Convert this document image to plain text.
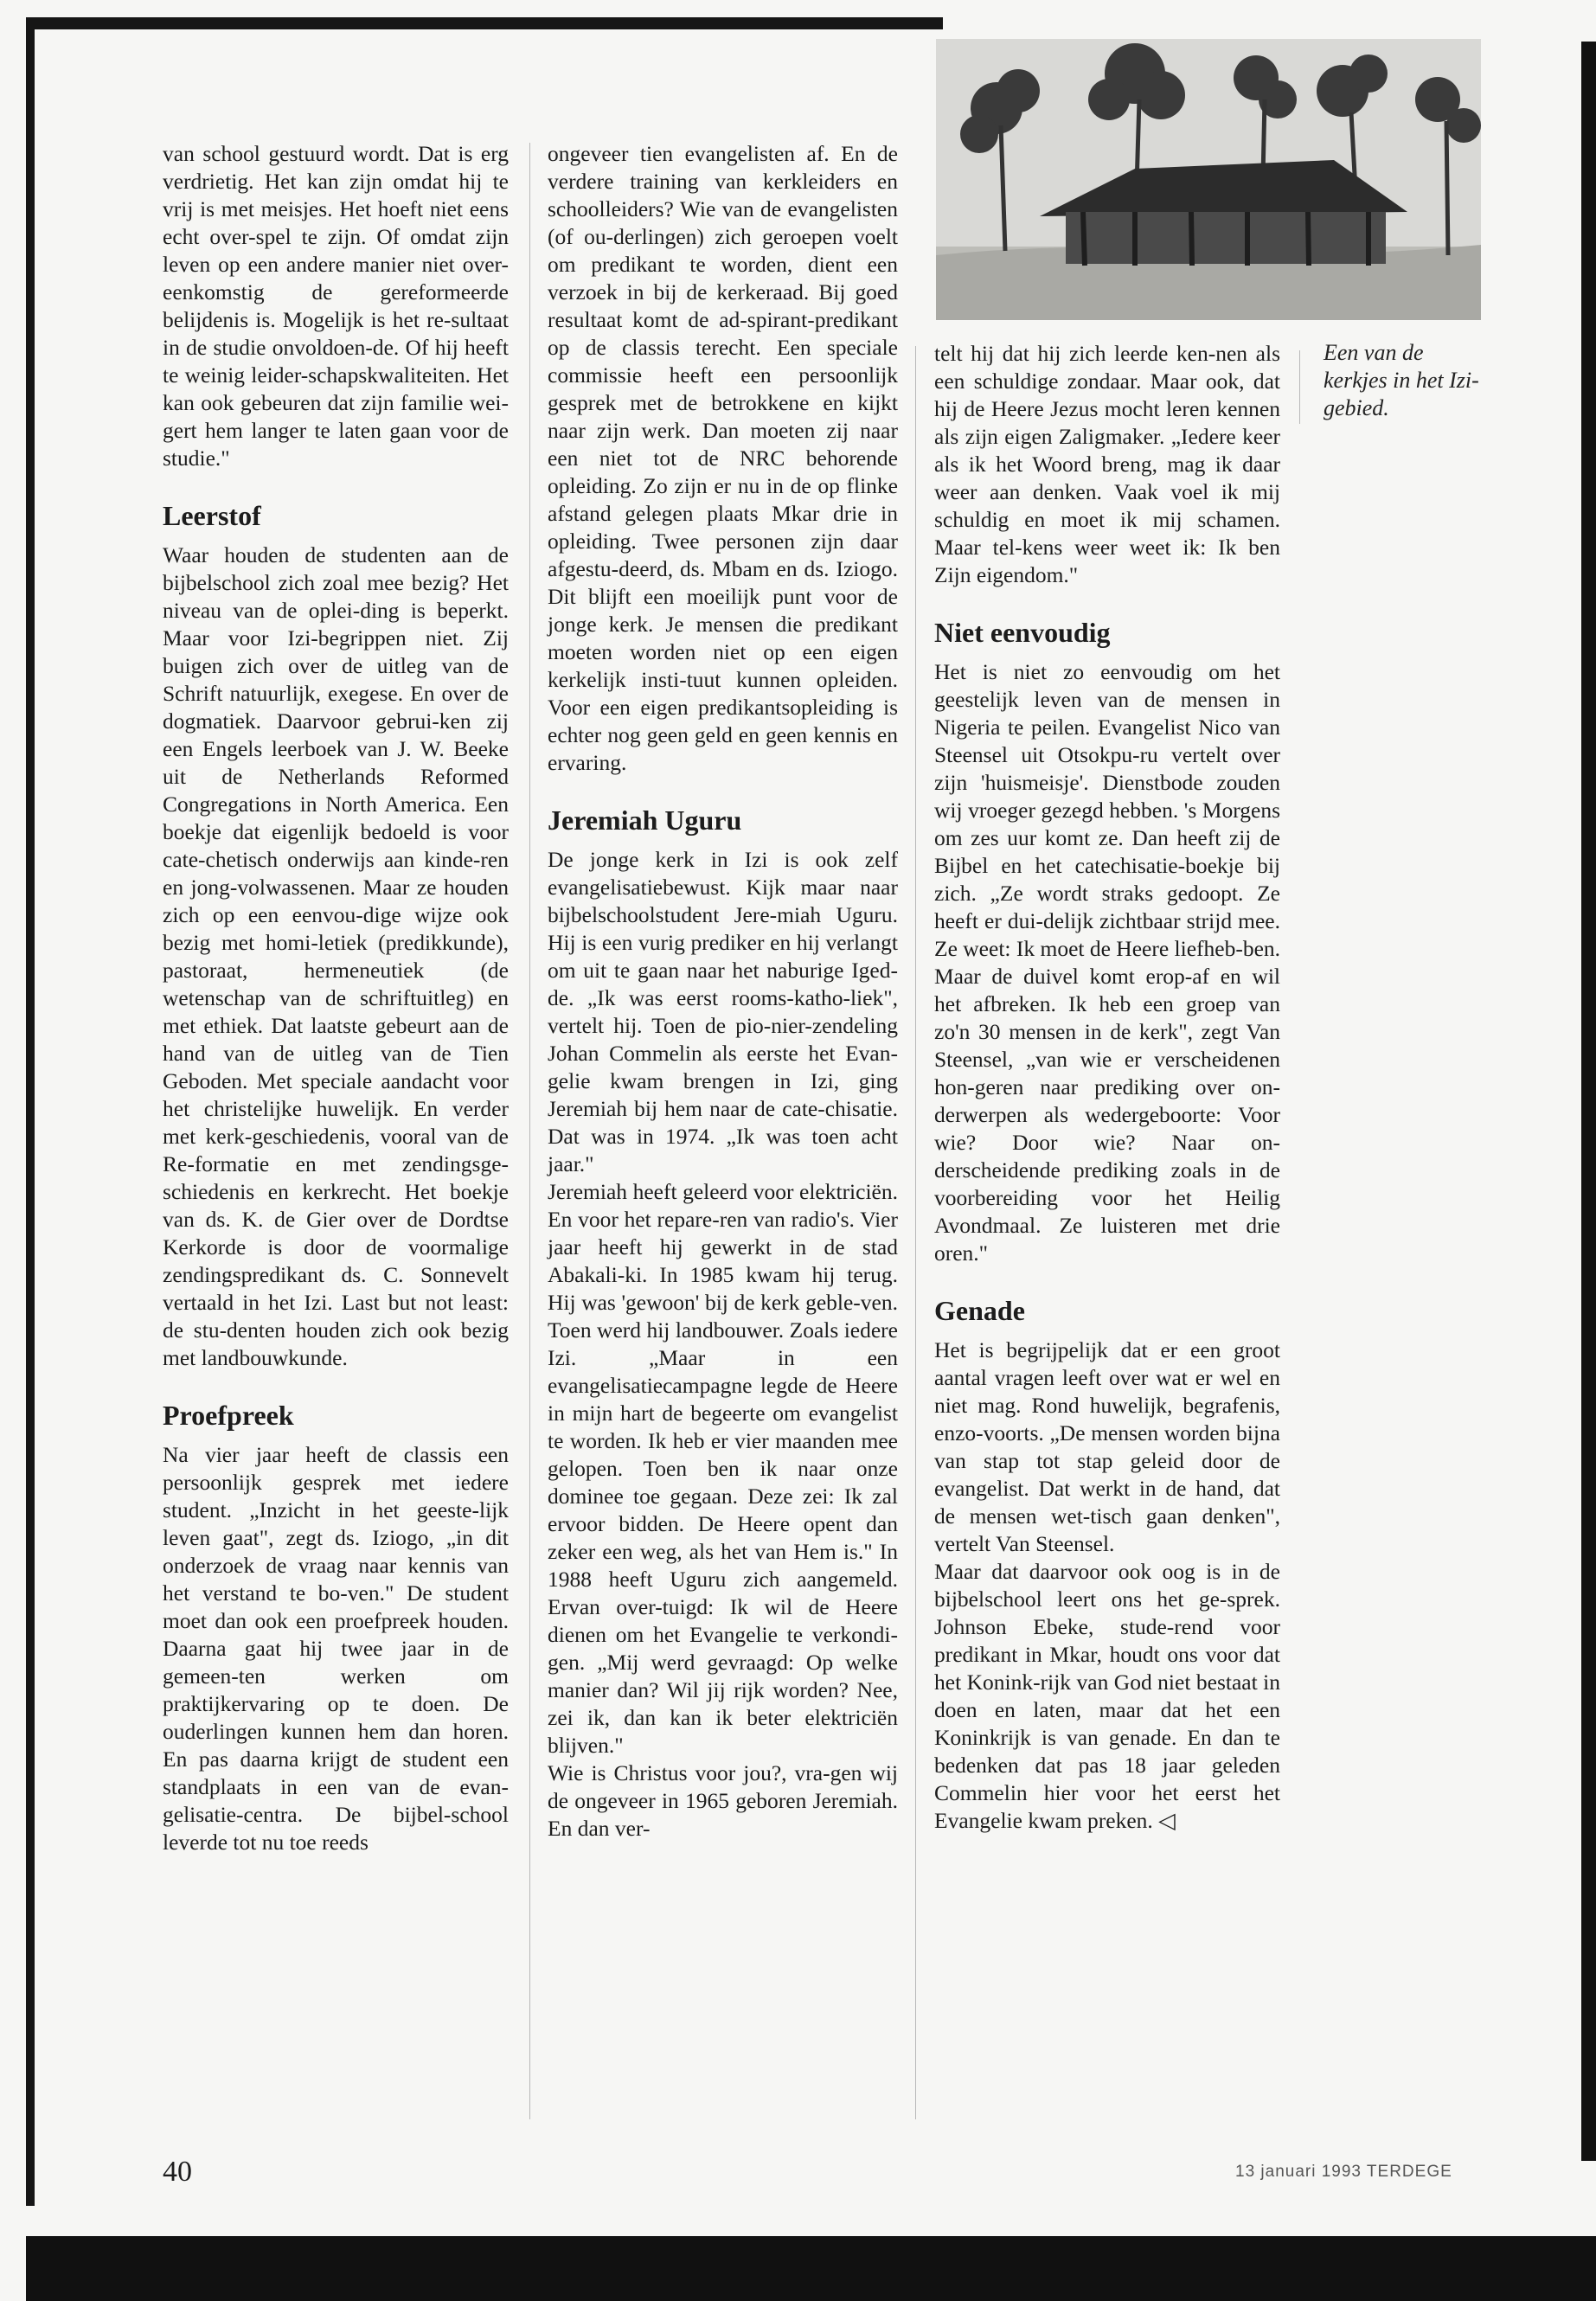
Een van de kerkjes in het Izi-gebied.

van school gestuurd wordt. Dat is erg verdrietig. Het kan zijn omdat hij te vrij is met meisjes. Het hoeft niet eens echt over-spel te zijn. Of omdat zijn leven op een andere manier niet over-eenkomstig de gereformeerde belijdenis is. Mogelijk is het re-sultaat in de studie onvoldoen-de. Of hij heeft te weinig leider-schapskwaliteiten. Het kan ook gebeuren dat zijn familie wei-gert hem langer te laten gaan voor de studie."

Leerstof

Waar houden de studenten aan de bijbelschool zich zoal mee bezig? Het niveau van de oplei-ding is beperkt. Maar voor Izi-begrippen niet. Zij buigen zich over de uitleg van de Schrift natuurlijk, exegese. En over de dogmatiek. Daarvoor gebrui-ken zij een Engels leerboek van J. W. Beeke uit de Netherlands Reformed Congregations in North America. Een boekje dat eigenlijk bedoeld is voor cate-chetisch onderwijs aan kinde-ren en jong-volwassenen. Maar ze houden zich op een eenvou-dige wijze ook bezig met homi-letiek (predikkunde), pastoraat, hermeneutiek (de wetenschap van de schriftuitleg) en met ethiek. Dat laatste gebeurt aan de hand van de uitleg van de Tien Geboden. Met speciale aandacht voor het christelijke huwelijk. En verder met kerk-geschiedenis, vooral van de Re-formatie en met zendingsge-schiedenis en kerkrecht. Het boekje van ds. K. de Gier over de Dordtse Kerkorde is door de voormalige zendingspredikant ds. C. Sonnevelt vertaald in het Izi. Last but not least: de stu-denten houden zich ook bezig met landbouwkunde.

Proefpreek

Na vier jaar heeft de classis een persoonlijk gesprek met iedere student. „Inzicht in het geeste-lijk leven gaat", zegt ds. Iziogo, „in dit onderzoek de vraag naar kennis van het verstand te bo-ven." De student moet dan ook een proefpreek houden. Daarna gaat hij twee jaar in de gemeen-ten werken om praktijkervaring op te doen. De ouderlingen kunnen hem dan horen. En pas daarna krijgt de student een standplaats in een van de evan-gelisatie-centra. De bijbel-school leverde tot nu toe reeds

ongeveer tien evangelisten af. En de verdere training van kerkleiders en schoolleiders? Wie van de evangelisten (of ou-derlingen) zich geroepen voelt om predikant te worden, dient een verzoek in bij de kerkeraad. Bij goed resultaat komt de ad-spirant-predikant op de classis terecht. Een speciale commissie heeft een persoonlijk gesprek met de betrokkene en kijkt naar zijn werk. Dan moeten zij naar een niet tot de NRC behorende opleiding. Zo zijn er nu in de op flinke afstand gelegen plaats Mkar drie in opleiding. Twee personen zijn daar afgestu-deerd, ds. Mbam en ds. Iziogo. Dit blijft een moeilijk punt voor de jonge kerk. Je mensen die predikant moeten worden niet op een eigen kerkelijk insti-tuut kunnen opleiden. Voor een eigen predikantsopleiding is echter nog geen geld en geen kennis en ervaring.

Jeremiah Uguru

De jonge kerk in Izi is ook zelf evangelisatiebewust. Kijk maar naar bijbelschoolstudent Jere-miah Uguru. Hij is een vurig prediker en hij verlangt om uit te gaan naar het naburige Iged-de. „Ik was eerst rooms-katho-liek", vertelt hij. Toen de pio-nier-zendeling Johan Commelin als eerste het Evan-gelie kwam brengen in Izi, ging Jeremiah bij hem naar de cate-chisatie. Dat was in 1974. „Ik was toen acht jaar."

Jeremiah heeft geleerd voor elektriciën. En voor het repare-ren van radio's. Vier jaar heeft hij gewerkt in de stad Abakali-ki. In 1985 kwam hij terug. Hij was 'gewoon' bij de kerk geble-ven. Toen werd hij landbouwer. Zoals iedere Izi. „Maar in een evangelisatiecampagne legde de Heere in mijn hart de begeerte om evangelist te worden. Ik heb er vier maanden mee gelopen. Toen ben ik naar onze dominee toe gegaan. Deze zei: Ik zal ervoor bidden. De Heere opent dan zeker een weg, als het van Hem is." In 1988 heeft Uguru zich aangemeld. Ervan over-tuigd: Ik wil de Heere dienen om het Evangelie te verkondi-gen. „Mij werd gevraagd: Op welke manier dan? Wil jij rijk worden? Nee, zei ik, dan kan ik beter elektriciën blijven."

Wie is Christus voor jou?, vra-gen wij de ongeveer in 1965 geboren Jeremiah. En dan ver-

telt hij dat hij zich leerde ken-nen als een schuldige zondaar. Maar ook, dat hij de Heere Jezus mocht leren kennen als zijn eigen Zaligmaker. „Iedere keer als ik het Woord breng, mag ik daar weer aan denken. Vaak voel ik mij schuldig en moet ik mij schamen. Maar tel-kens weer weet ik: Ik ben Zijn eigendom."

Niet eenvoudig

Het is niet zo eenvoudig om het geestelijk leven van de mensen in Nigeria te peilen. Evangelist Nico van Steensel uit Otsokpu-ru vertelt over zijn 'huismeisje'. Dienstbode zouden wij vroeger gezegd hebben. 's Morgens om zes uur komt ze. Dan heeft zij de Bijbel en het catechisatie-boekje bij zich. „Ze wordt straks gedoopt. Ze heeft er dui-delijk zichtbaar strijd mee. Ze weet: Ik moet de Heere liefheb-ben. Maar de duivel komt erop-af en wil het afbreken. Ik heb een groep van zo'n 30 mensen in de kerk", zegt Van Steensel, „van wie er verscheidenen hon-geren naar prediking over on-derwerpen als wedergeboorte: Voor wie? Door wie? Naar on-derscheidende prediking zoals in de voorbereiding voor het Heilig Avondmaal. Ze luisteren met drie oren."

Genade

Het is begrijpelijk dat er een groot aantal vragen leeft over wat er wel en niet mag. Rond huwelijk, begrafenis, enzo-voorts. „De mensen worden bijna van stap tot stap geleid door de evangelist. Dat werkt in de hand, dat de mensen wet-tisch gaan denken", vertelt Van Steensel.

Maar dat daarvoor ook oog is in de bijbelschool leert ons het ge-sprek. Johnson Ebeke, stude-rend voor predikant in Mkar, houdt ons voor dat het Konink-rijk van God niet bestaat in doen en laten, maar dat het een Koninkrijk is van genade. En dan te bedenken dat pas 18 jaar geleden Commelin hier voor het eerst het Evangelie kwam preken. ◁

40	13 januari 1993 TERDEGE
